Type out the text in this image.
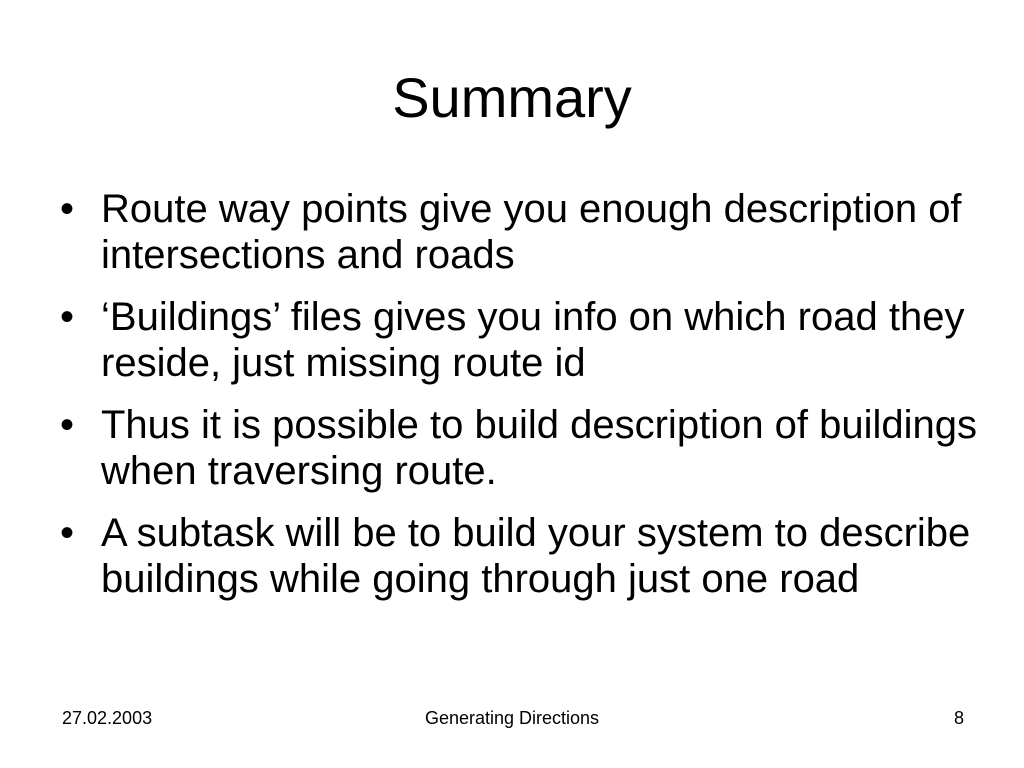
Summary
• Route way points give you enough description of intersections and roads
• ‘Buildings’ files gives you info on which road they reside, just missing route id
• Thus it is possible to build description of buildings when traversing route.
• A subtask will be to build your system to describe buildings while going through just one road
27.02.2003	Generating Directions	8
